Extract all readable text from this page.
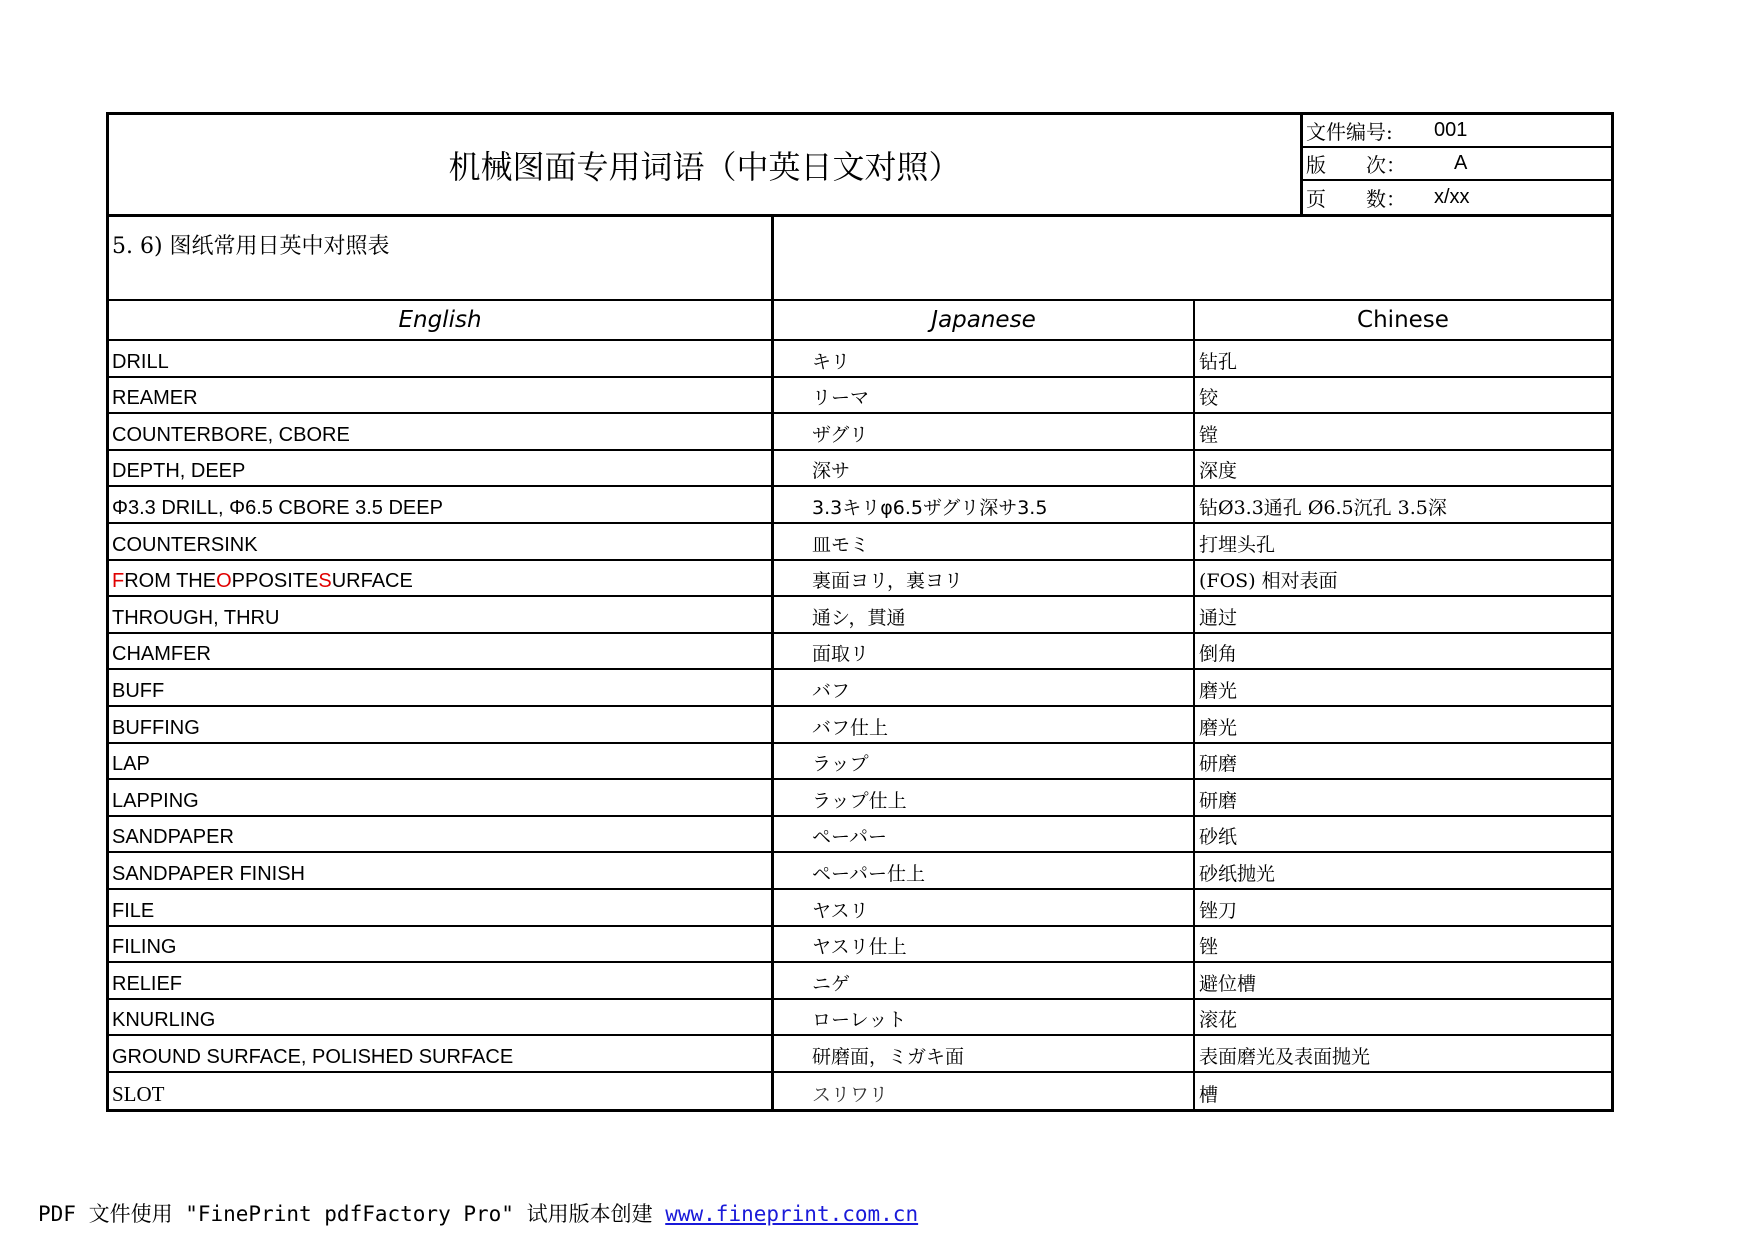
机械图面专用词语（中英日文对照）
文件编号:	001
版　　次：	A
页　　数：	x/xx
5. 6) 图纸常用日英中对照表
English	Japanese	Chinese
DRILL	キリ	钻孔
REAMER	リーマ	铰
COUNTERBORE, CBORE	ザグリ	镗
DEPTH, DEEP	深サ	深度
Φ3.3 DRILL, Φ6.5 CBORE 3.5 DEEP	3.3キリφ6.5ザグリ深サ3.5	钻Ø3.3通孔 Ø6.5沉孔 3.5深
COUNTERSINK	皿モミ	打埋头孔
F ROM THE O PPOSITE S URFACE	裏面ヨリ，裏ヨリ	(FOS) 相对表面
THROUGH, THRU	通シ，貫通	通过
CHAMFER	面取リ	倒角
BUFF	バフ	磨光
BUFFING	バフ仕上	磨光
LAP	ラップ	研磨
LAPPING	ラップ仕上	研磨
SANDPAPER	ペーパー	砂纸
SANDPAPER FINISH	ペーパー仕上	砂纸抛光
FILE	ヤスリ	锉刀
FILING	ヤスリ仕上	锉
RELIEF	ニゲ	避位槽
KNURLING	ローレット	滚花
GROUND SURFACE, POLISHED SURFACE	研磨面，ミガキ面	表面磨光及表面抛光
SLOT	スリワリ	槽
PDF 文件使用 "FinePrint pdfFactory Pro" 试用版本创建 www.fineprint.com.cn
